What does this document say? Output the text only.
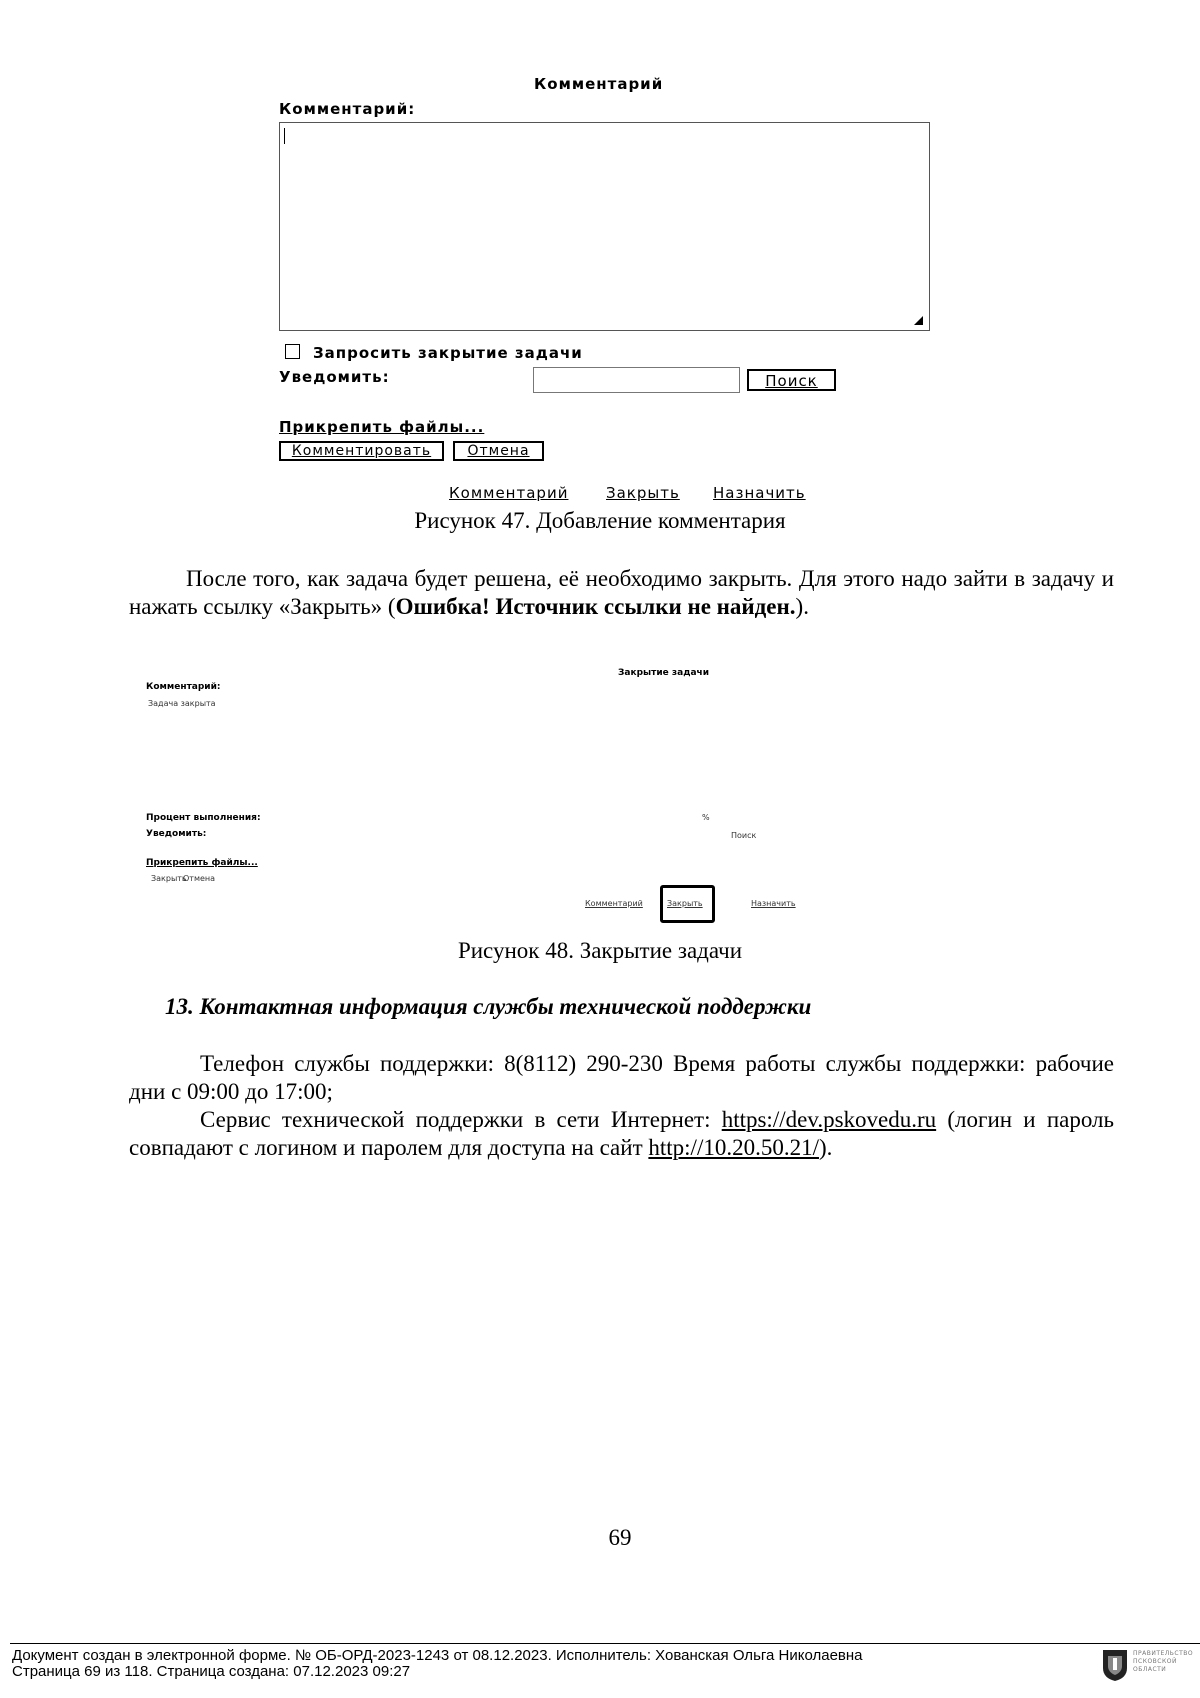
Комментарий
Комментарий:
Запросить закрытие задачи
Уведомить:	Поиск
Прикрепить файлы...
Комментировать	Отмена
Комментарий	Закрыть Назначить
Рисунок 47. Добавление комментария
После того, как задача будет решена, её необходимо закрыть. Для этого надо зайти в задачу и нажать ссылку «Закрыть» (Ошибка! Источник ссылки не найден.).
Закрытие задачи
Комментарий:
Задача закрыта
Процент выполнения:	%
Уведомить:	Поиск
Прикрепить файлы...
Закрыть
Отмена
Комментарий	Закрыть	Назначить
Рисунок 48. Закрытие задачи
13. Контактная информация службы технической поддержки
Телефон службы поддержки: 8(8112) 290-230 Время работы службы поддержки: рабочие дни с 09:00 до 17:00;
Сервис технической поддержки в сети Интернет: https://dev.pskovedu.ru (логин и пароль совпадают с логином и паролем для доступа на сайт http://10.20.50.21/).
69
Документ создан в электронной форме. № ОБ-ОРД-2023-1243 от 08.12.2023. Исполнитель: Хованская Ольга Николаевна
Страница 69 из 118. Страница создана: 07.12.2023 09:27
ПРАВИТЕЛЬСТВО ПСКОВСКОЙ ОБЛАСТИ
